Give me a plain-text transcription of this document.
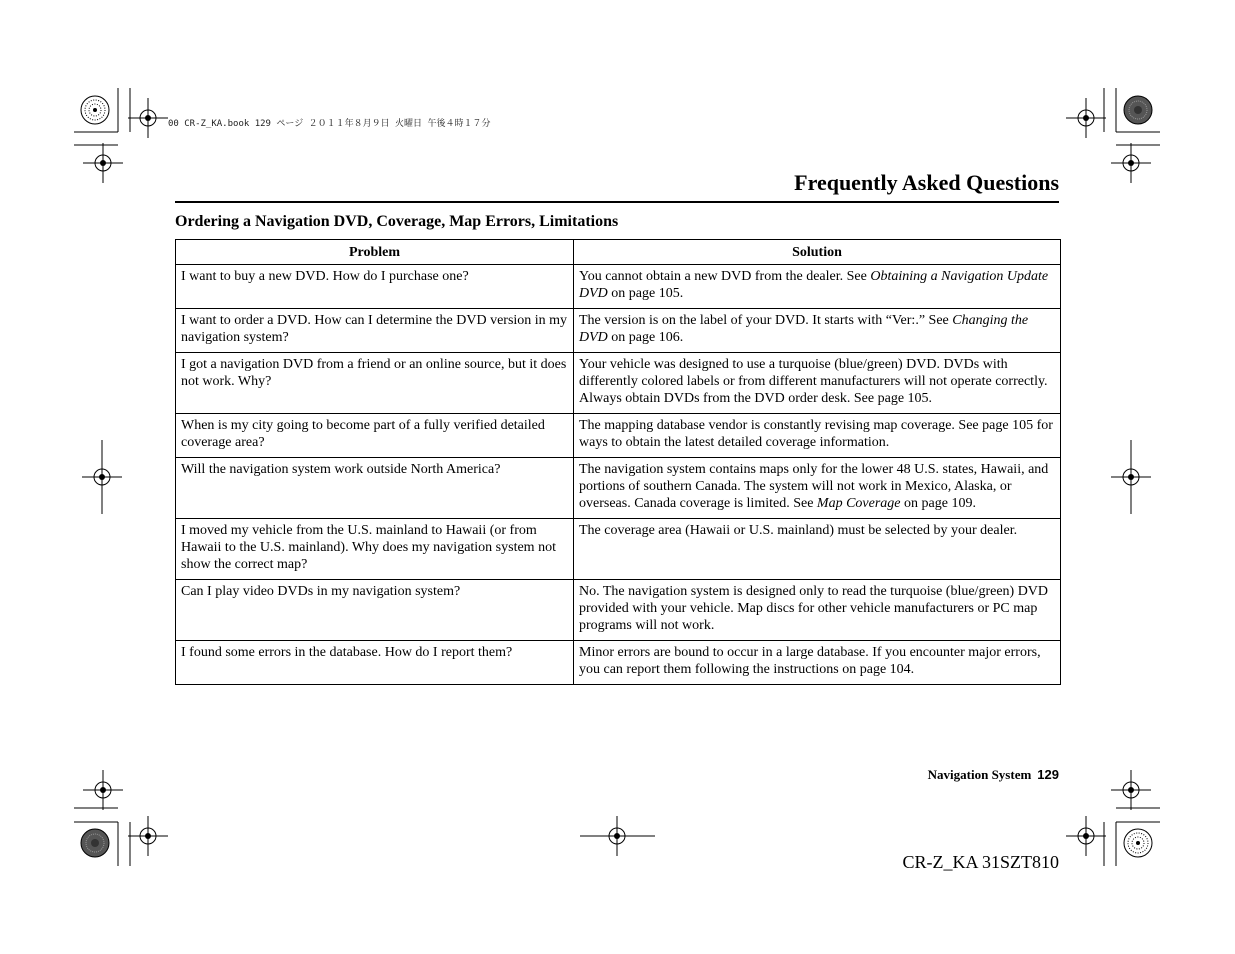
00 CR-Z_KA.book 129 ページ ２０１１年８月９日 火曜日 午後４時１７分
Frequently Asked Questions
Ordering a Navigation DVD, Coverage, Map Errors, Limitations
Problem	Solution
I want to buy a new DVD. How do I purchase one?	You cannot obtain a new DVD from the dealer. See Obtaining a Navigation Update DVD on page 105.
I want to order a DVD. How can I determine the DVD version in my navigation system?	The version is on the label of your DVD. It starts with “Ver:.” See Changing the DVD on page 106.
I got a navigation DVD from a friend or an online source, but it does not work. Why?	Your vehicle was designed to use a turquoise (blue/green) DVD. DVDs with differently colored labels or from different manufacturers will not operate correctly. Always obtain DVDs from the DVD order desk. See page 105.
When is my city going to become part of a fully verified detailed coverage area?	The mapping database vendor is constantly revising map coverage. See page 105 for ways to obtain the latest detailed coverage information.
Will the navigation system work outside North America?	The navigation system contains maps only for the lower 48 U.S. states, Hawaii, and portions of southern Canada. The system will not work in Mexico, Alaska, or overseas. Canada coverage is limited. See Map Coverage on page 109.
I moved my vehicle from the U.S. mainland to Hawaii (or from Hawaii to the U.S. mainland). Why does my navigation system not show the correct map?	The coverage area (Hawaii or U.S. mainland) must be selected by your dealer.
Can I play video DVDs in my navigation system?	No. The navigation system is designed only to read the turquoise (blue/green) DVD provided with your vehicle. Map discs for other vehicle manufacturers or PC map programs will not work.
I found some errors in the database. How do I report them?	Minor errors are bound to occur in a large database. If you encounter major errors, you can report them following the instructions on page 104.
Navigation System 129
CR-Z_KA 31SZT810
